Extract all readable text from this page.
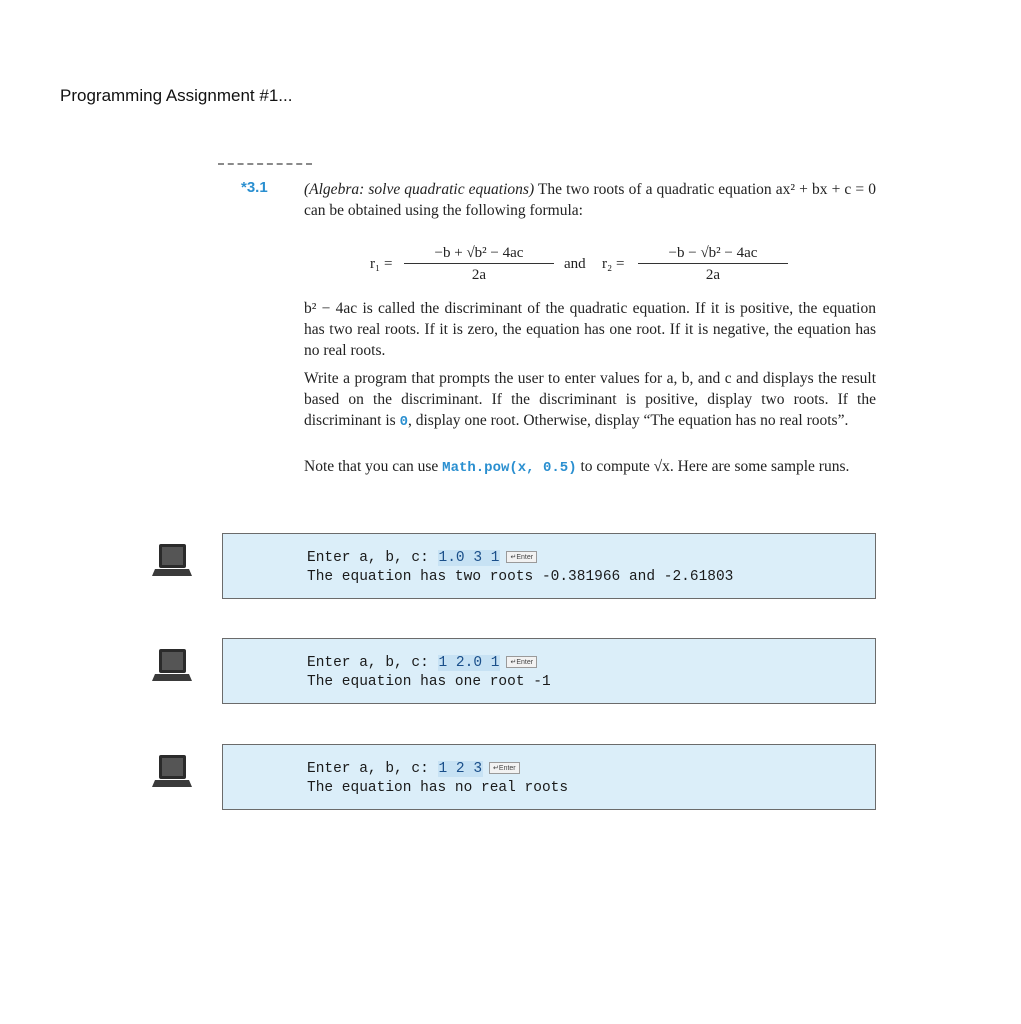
Programming Assignment #1...
*3.1 (Algebra: solve quadratic equations) The two roots of a quadratic equation ax² + bx + c = 0 can be obtained using the following formula:
$r_1 = \frac{\text{−b + √b² − 4ac}}{2a}$ and $r_2 = \frac{\text{−b − √b² − 4ac}}{2a}$
b² − 4ac is called the discriminant of the quadratic equation. If it is positive, the equation has two real roots. If it is zero, the equation has one root. If it is negative, the equation has no real roots.
Write a program that prompts the user to enter values for a, b, and c and displays the result based on the discriminant. If the discriminant is positive, display two roots. If the discriminant is 0, display one root. Otherwise, display “The equation has no real roots”.
Note that you can use Math.pow(x, 0.5) to compute √x. Here are some sample runs.
Enter a, b, c: 1.0 3 1 ↵Enter
The equation has two roots -0.381966 and -2.61803
Enter a, b, c: 1 2.0 1 ↵Enter
The equation has one root -1
Enter a, b, c: 1 2 3 ↵Enter
The equation has no real roots
